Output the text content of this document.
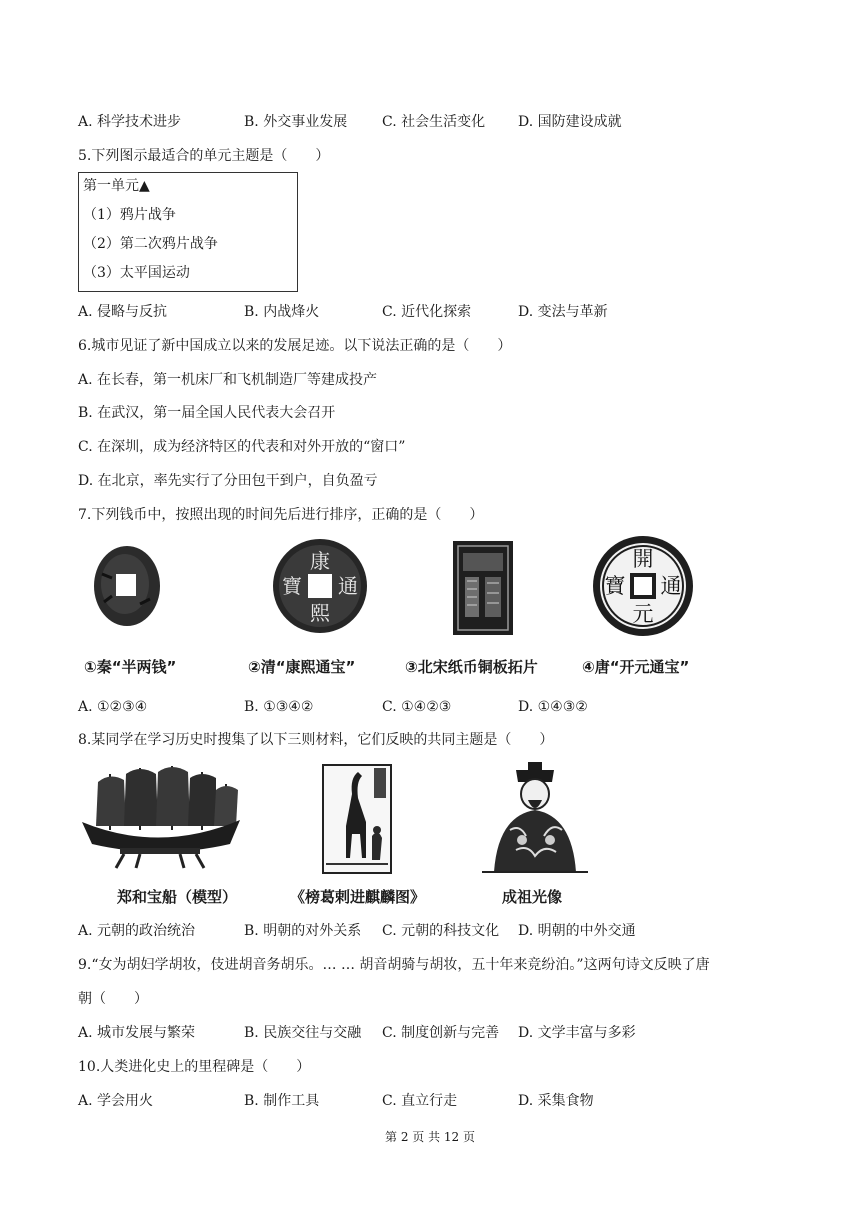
A. 科学技术进步	B. 外交事业发展 C. 社会生活变化 D. 国防建设成就
5.下列图示最适合的单元主题是（　　）
第一单元▲
（1）鸦片战争
（2）第二次鸦片战争
（3）太平国运动
A. 侵略与反抗	B. 内战烽火	C. 近代化探索	D. 变法与革新
6.城市见证了新中国成立以来的发展足迹。以下说法正确的是（　　）
A. 在长春，第一机床厂和飞机制造厂等建成投产
B. 在武汉，第一届全国人民代表大会召开
C. 在深圳，成为经济特区的代表和对外开放的“窗口”
D. 在北京，率先实行了分田包干到户，自负盈亏
7.下列钱币中，按照出现的时间先后进行排序，正确的是（　　）
康
熙
通
寶
開
元
通
寶
①秦“半两钱”	②清“康熙通宝”	③北宋纸币铜板拓片	④唐“开元通宝”
A. ①②③④	B. ①③④②	C. ①④②③	D. ①④③②
8.某同学在学习历史时搜集了以下三则材料，它们反映的共同主题是（　　）
郑和宝船（模型）	《榜葛剌进麒麟图》	成祖光像
A. 元朝的政治统治	B. 明朝的对外关系 C. 元朝的科技文化 D. 明朝的中外交通
9.“女为胡妇学胡妆，伎进胡音务胡乐。… … 胡音胡骑与胡妆，五十年来竞纷泊。”这两句诗文反映了唐
朝（　　）
A. 城市发展与繁荣	B. 民族交往与交融 C. 制度创新与完善 D. 文学丰富与多彩
10.人类进化史上的里程碑是（　　）
A. 学会用火	B. 制作工具	C. 直立行走	D. 采集食物
第 2 页 共 12 页
